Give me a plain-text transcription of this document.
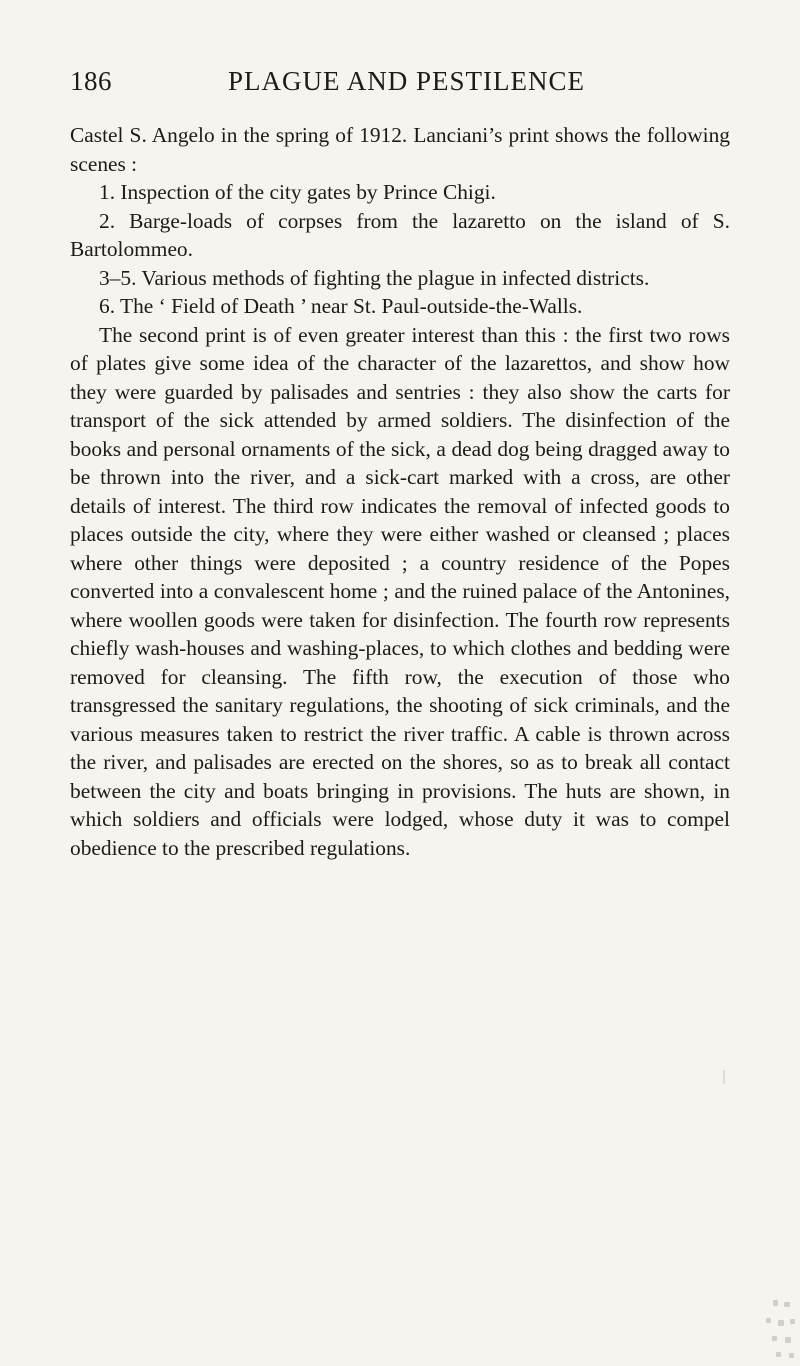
186	PLAGUE AND PESTILENCE

Castel S. Angelo in the spring of 1912. Lanciani’s print shows the following scenes :

1. Inspection of the city gates by Prince Chigi.

2. Barge-loads of corpses from the lazaretto on the island of S. Bartolommeo.

3–5. Various methods of fighting the plague in infected districts.

6. The ‘ Field of Death ’ near St. Paul-outside-the-Walls.

The second print is of even greater interest than this : the first two rows of plates give some idea of the character of the lazarettos, and show how they were guarded by palisades and sentries : they also show the carts for transport of the sick attended by armed soldiers. The disinfection of the books and personal ornaments of the sick, a dead dog being dragged away to be thrown into the river, and a sick-cart marked with a cross, are other details of interest. The third row indicates the removal of infected goods to places outside the city, where they were either washed or cleansed ; places where other things were deposited ; a country residence of the Popes converted into a convalescent home ; and the ruined palace of the Antonines, where woollen goods were taken for disinfection. The fourth row represents chiefly wash-houses and washing-places, to which clothes and bedding were removed for cleansing. The fifth row, the execution of those who transgressed the sanitary regulations, the shooting of sick criminals, and the various measures taken to restrict the river traffic. A cable is thrown across the river, and palisades are erected on the shores, so as to break all contact between the city and boats bringing in provisions. The huts are shown, in which soldiers and officials were lodged, whose duty it was to compel obedience to the prescribed regulations.
